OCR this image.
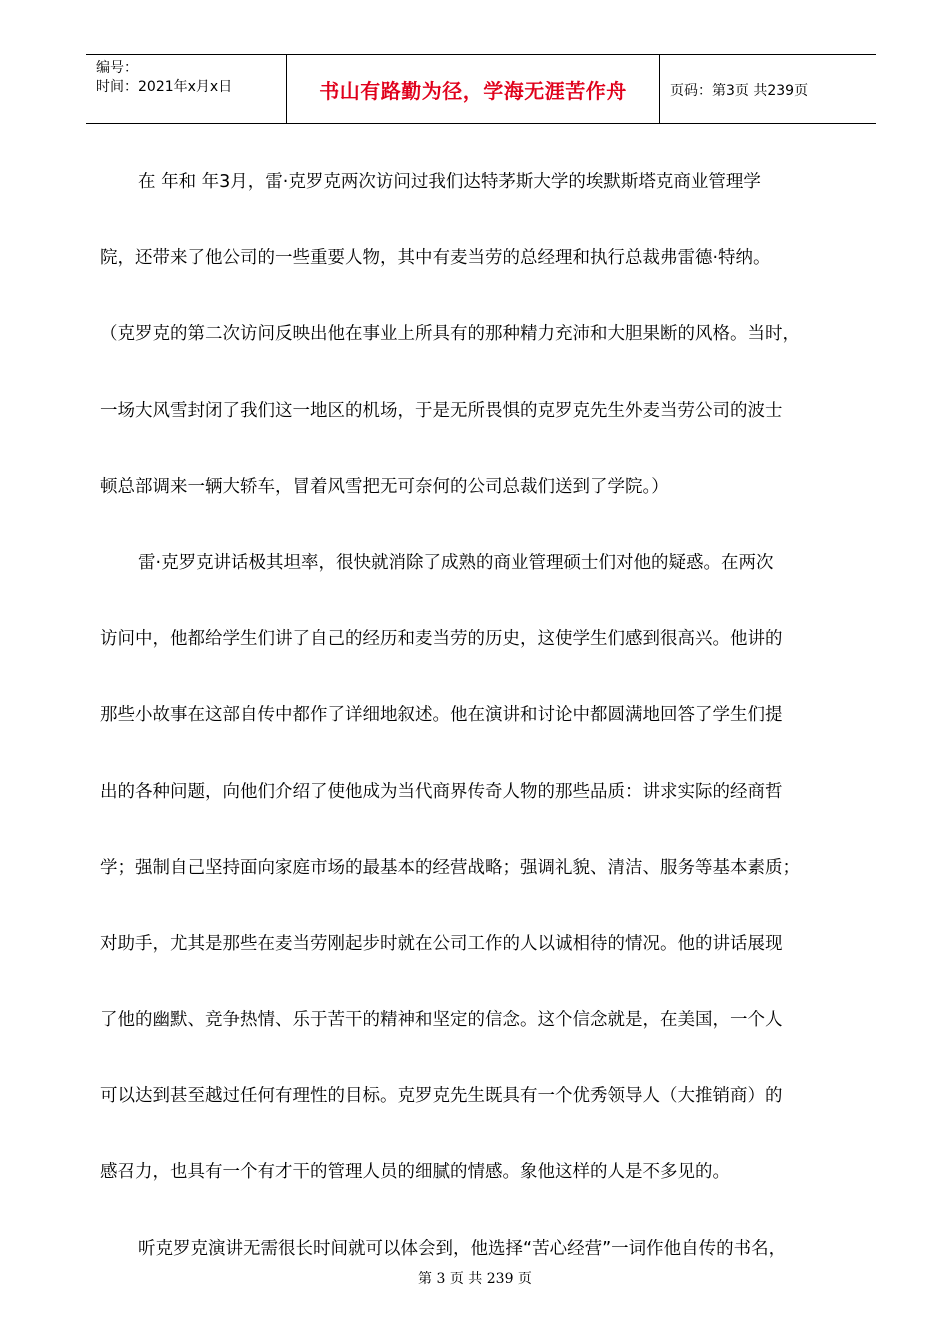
编号：
时间：2021年x月x日	书山有路勤为径，学海无涯苦作舟	页码：第3页 共239页
在 年和 年3月，雷·克罗克两次访问过我们达特茅斯大学的埃默斯塔克商业管理学
院，还带来了他公司的一些重要人物，其中有麦当劳的总经理和执行总裁弗雷德·特纳。
（克罗克的第二次访问反映出他在事业上所具有的那种精力充沛和大胆果断的风格。当时，
一场大风雪封闭了我们这一地区的机场，于是无所畏惧的克罗克先生外麦当劳公司的波士
顿总部调来一辆大轿车，冒着风雪把无可奈何的公司总裁们送到了学院。）
雷·克罗克讲话极其坦率，很快就消除了成熟的商业管理硕士们对他的疑惑。在两次
访问中，他都给学生们讲了自己的经历和麦当劳的历史，这使学生们感到很高兴。他讲的
那些小故事在这部自传中都作了详细地叙述。他在演讲和讨论中都圆满地回答了学生们提
出的各种问题，向他们介绍了使他成为当代商界传奇人物的那些品质：讲求实际的经商哲
学；强制自己坚持面向家庭市场的最基本的经营战略；强调礼貌、清洁、服务等基本素质；
对助手，尤其是那些在麦当劳刚起步时就在公司工作的人以诚相待的情况。他的讲话展现
了他的幽默、竞争热情、乐于苦干的精神和坚定的信念。这个信念就是，在美国，一个人
可以达到甚至越过任何有理性的目标。克罗克先生既具有一个优秀领导人（大推销商）的
感召力，也具有一个有才干的管理人员的细腻的情感。象他这样的人是不多见的。
听克罗克演讲无需很长时间就可以体会到，他选择“苦心经营”一词作他自传的书名，
第 3 页 共 239 页
